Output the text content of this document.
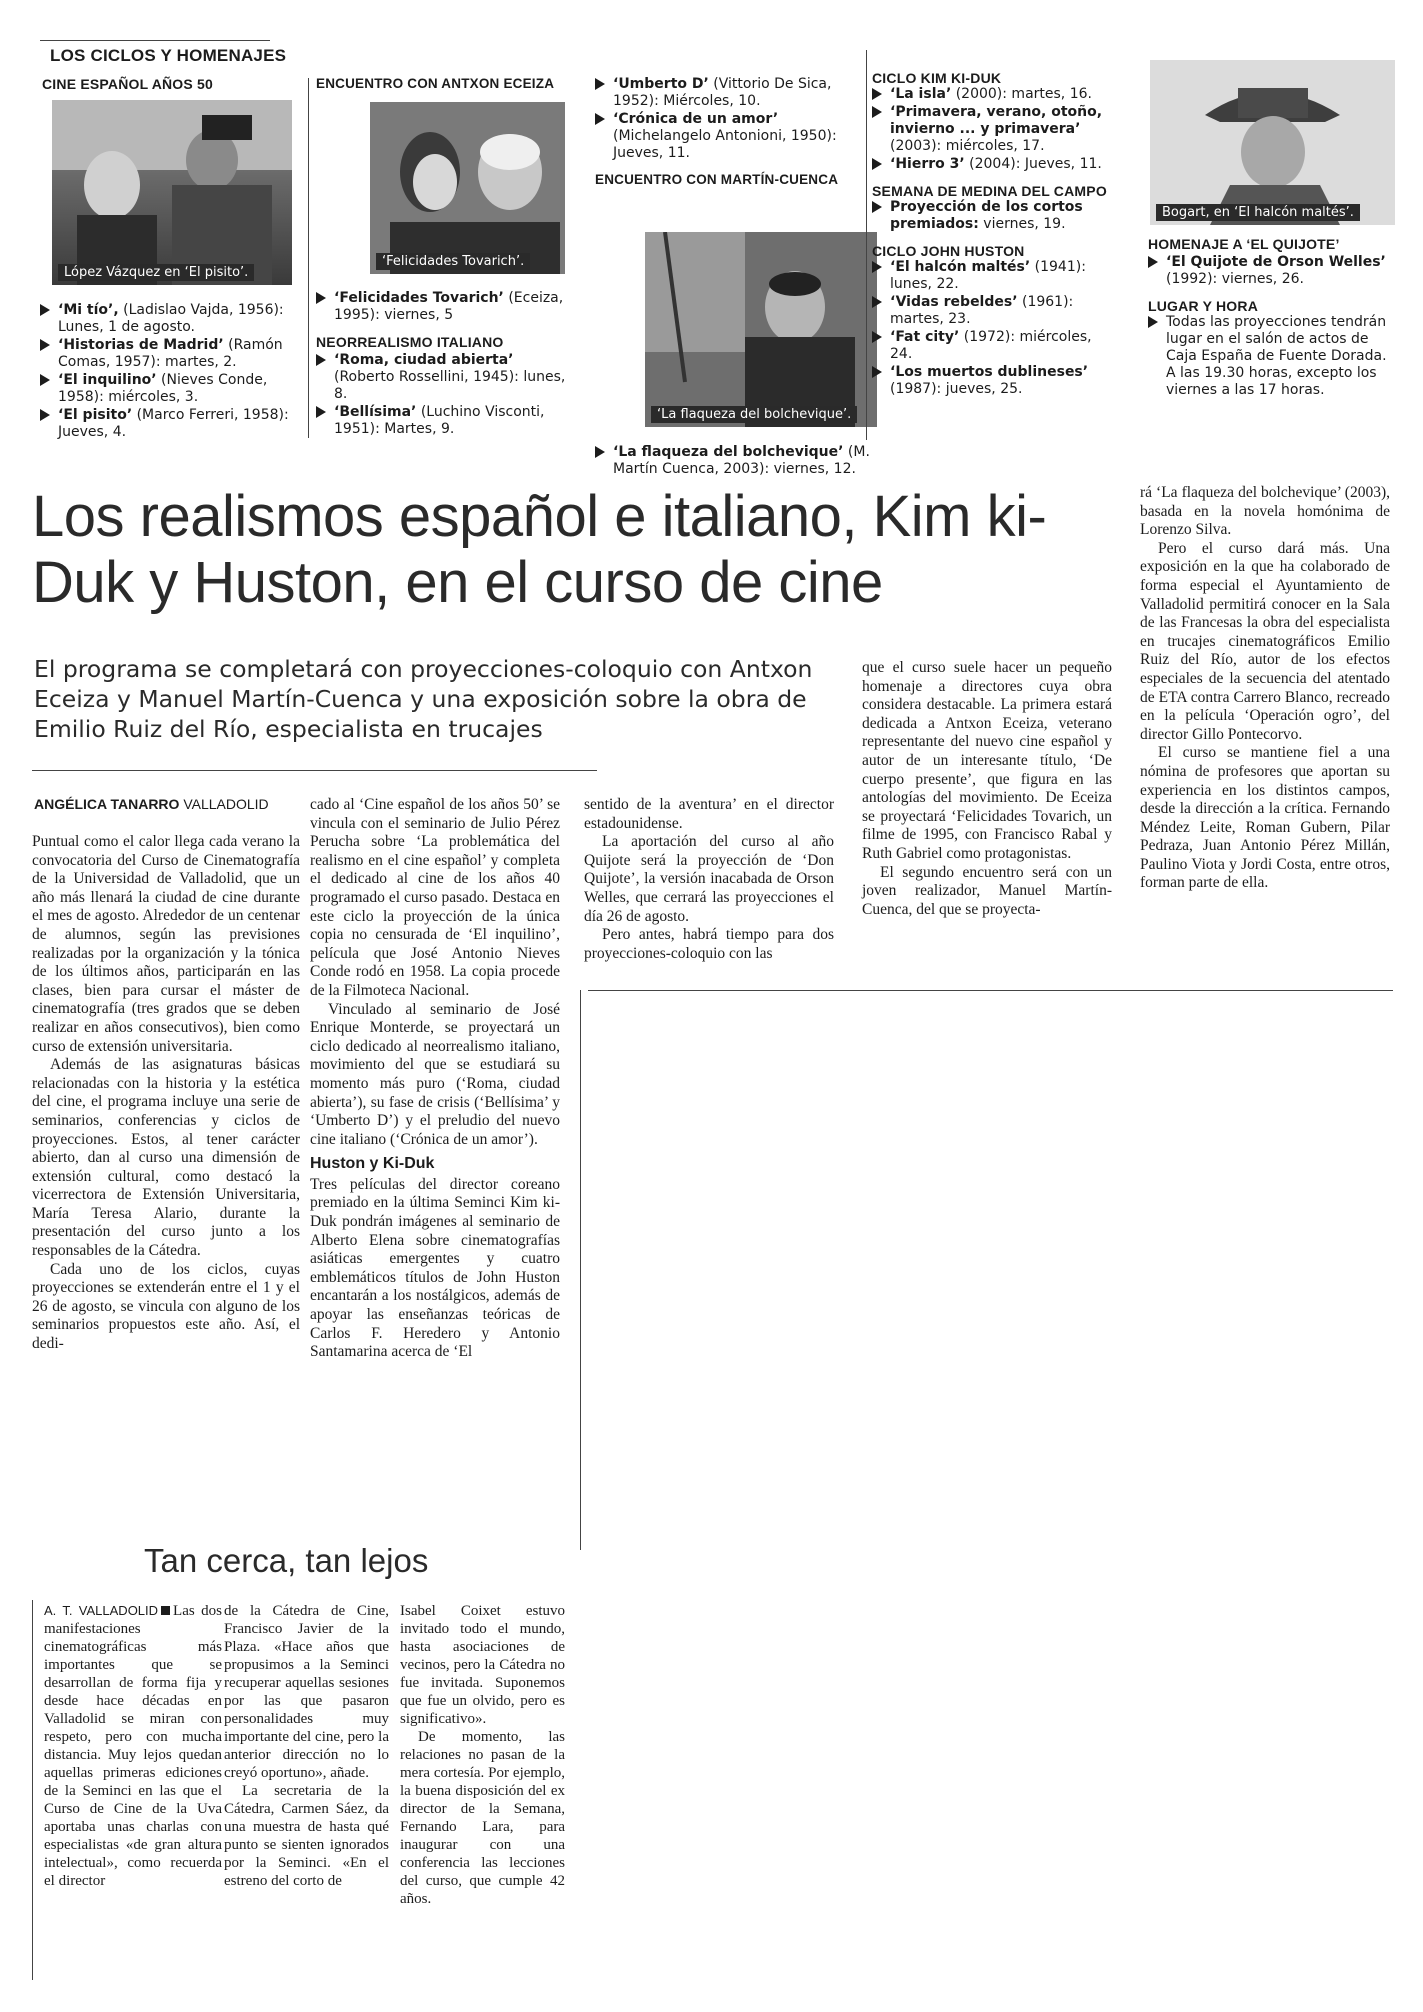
LOS CICLOS Y HOMENAJES
CINE ESPAÑOL AÑOS 50
López Vázquez en ‘El pisito’.
‘Mi tío’, (Ladislao Vajda, 1956): Lunes, 1 de agosto.
‘Historias de Madrid’ (Ramón Comas, 1957): martes, 2.
‘El inquilino’ (Nieves Conde, 1958): miércoles, 3.
‘El pisito’ (Marco Ferreri, 1958): Jueves, 4.
ENCUENTRO CON ANTXON ECEIZA
‘Felicidades Tovarich’.
‘Felicidades Tovarich’ (Eceiza, 1995): viernes, 5
NEORREALISMO ITALIANO
‘Roma, ciudad abierta’ (Roberto Rossellini, 1945): lunes, 8.
‘Bellísima’ (Luchino Visconti, 1951): Martes, 9.
‘Umberto D’ (Vittorio De Sica, 1952): Miércoles, 10.
‘Crónica de un amor’ (Michelangelo Antonioni, 1950): Jueves, 11.
ENCUENTRO CON MARTÍN-CUENCA
‘La flaqueza del bolchevique’.
‘La flaqueza del bolchevique’ (M. Martín Cuenca, 2003): viernes, 12.
CICLO KIM KI-DUK
‘La isla’ (2000): martes, 16.
‘Primavera, verano, otoño, invierno ... y primavera’ (2003): miércoles, 17.
‘Hierro 3’ (2004): Jueves, 11.
SEMANA DE MEDINA DEL CAMPO
Proyección de los cortos premiados: viernes, 19.
CICLO JOHN HUSTON
‘El halcón maltés’ (1941): lunes, 22.
‘Vidas rebeldes’ (1961): martes, 23.
‘Fat city’ (1972): miércoles, 24.
‘Los muertos dublineses’ (1987): jueves, 25.
Bogart, en ‘El halcón maltés’.
HOMENAJE A ‘EL QUIJOTE’
‘El Quijote de Orson Welles’ (1992): viernes, 26.
LUGAR Y HORA
Todas las proyecciones tendrán lugar en el salón de actos de Caja España de Fuente Dorada. A las 19.30 horas, excepto los viernes a las 17 horas.
Los realismos español e italiano, Kim ki-Duk y Huston, en el curso de cine
El programa se completará con proyecciones-coloquio con Antxon Eceiza y Manuel Martín-Cuenca y una exposición sobre la obra de Emilio Ruiz del Río, especialista en trucajes
ANGÉLICA TANARRO VALLADOLID

Puntual como el calor llega cada verano la convocatoria del Curso de Cinematografía de la Universidad de Valladolid, que un año más llenará la ciudad de cine durante el mes de agosto. Alrededor de un centenar de alumnos, según las previsiones realizadas por la organización y la tónica de los últimos años, participarán en las clases, bien para cursar el máster de cinematografía (tres grados que se deben realizar en años consecutivos), bien como curso de extensión universitaria.

Además de las asignaturas básicas relacionadas con la historia y la estética del cine, el programa incluye una serie de seminarios, conferencias y ciclos de proyecciones. Estos, al tener carácter abierto, dan al curso una dimensión de extensión cultural, como destacó la vicerrectora de Extensión Universitaria, María Teresa Alario, durante la presentación del curso junto a los responsables de la Cátedra.

Cada uno de los ciclos, cuyas proyecciones se extenderán entre el 1 y el 26 de agosto, se vincula con alguno de los seminarios propuestos este año. Así, el dedi-

cado al ‘Cine español de los años 50’ se vincula con el seminario de Julio Pérez Perucha sobre ‘La problemática del realismo en el cine español’ y completa el dedicado al cine de los años 40 programado el curso pasado. Destaca en este ciclo la proyección de la única copia no censurada de ‘El inquilino’, película que José Antonio Nieves Conde rodó en 1958. La copia procede de la Filmoteca Nacional.

Vinculado al seminario de José Enrique Monterde, se proyectará un ciclo dedicado al neorrealismo italiano, movimiento del que se estudiará su momento más puro (‘Roma, ciudad abierta’), su fase de crisis (‘Bellísima’ y ‘Umberto D’) y el preludio del nuevo cine italiano (‘Crónica de un amor’).

Huston y Ki-Duk

Tres películas del director coreano premiado en la última Seminci Kim ki-Duk pondrán imágenes al seminario de Alberto Elena sobre cinematografías asiáticas emergentes y cuatro emblemáticos títulos de John Huston encantarán a los nostálgicos, además de apoyar las enseñanzas teóricas de Carlos F. Heredero y Antonio Santamarina acerca de ‘El

sentido de la aventura’ en el director estadounidense.

La aportación del curso al año Quijote será la proyección de ‘Don Quijote’, la versión inacabada de Orson Welles, que cerrará las proyecciones el día 26 de agosto.

Pero antes, habrá tiempo para dos proyecciones-coloquio con las

que el curso suele hacer un pequeño homenaje a directores cuya obra considera destacable. La primera estará dedicada a Antxon Eceiza, veterano representante del nuevo cine español y autor de un interesante título, ‘De cuerpo presente’, que figura en las antologías del movimiento. De Eceiza se proyectará ‘Felicidades Tovarich, un filme de 1995, con Francisco Rabal y Ruth Gabriel como protagonistas.

El segundo encuentro será con un joven realizador, Manuel Martín-Cuenca, del que se proyecta-

rá ‘La flaqueza del bolchevique’ (2003), basada en la novela homónima de Lorenzo Silva.

Pero el curso dará más. Una exposición en la que ha colaborado de forma especial el Ayuntamiento de Valladolid permitirá conocer en la Sala de las Francesas la obra del especialista en trucajes cinematográficos Emilio Ruiz del Río, autor de los efectos especiales de la secuencia del atentado de ETA contra Carrero Blanco, recreado en la película ‘Operación ogro’, del director Gillo Pontecorvo.

El curso se mantiene fiel a una nómina de profesores que aportan su experiencia en los distintos campos, desde la dirección a la crítica. Fernando Méndez Leite, Roman Gubern, Pilar Pedraza, Juan Antonio Pérez Millán, Paulino Viota y Jordi Costa, entre otros, forman parte de ella.

Tan cerca, tan lejos

A. T. VALLADOLID Las dos manifestaciones cinematográficas más importantes que se desarrollan de forma fija y desde hace décadas en Valladolid se miran con respeto, pero con mucha distancia. Muy lejos quedan aquellas primeras ediciones de la Seminci en las que el Curso de Cine de la Uva aportaba unas charlas con especialistas «de gran altura intelectual», como recuerda el director

de la Cátedra de Cine, Francisco Javier de la Plaza. «Hace años que propusimos a la Seminci recuperar aquellas sesiones por las que pasaron personalidades muy importante del cine, pero la anterior dirección no lo creyó oportuno», añade.

La secretaria de la Cátedra, Carmen Sáez, da una muestra de hasta qué punto se sienten ignorados por la Seminci. «En el estreno del corto de

Isabel Coixet estuvo invitado todo el mundo, hasta asociaciones de vecinos, pero la Cátedra no fue invitada. Suponemos que fue un olvido, pero es significativo».

De momento, las relaciones no pasan de la mera cortesía. Por ejemplo, la buena disposición del ex director de la Semana, Fernando Lara, para inaugurar con una conferencia las lecciones del curso, que cumple 42 años.
